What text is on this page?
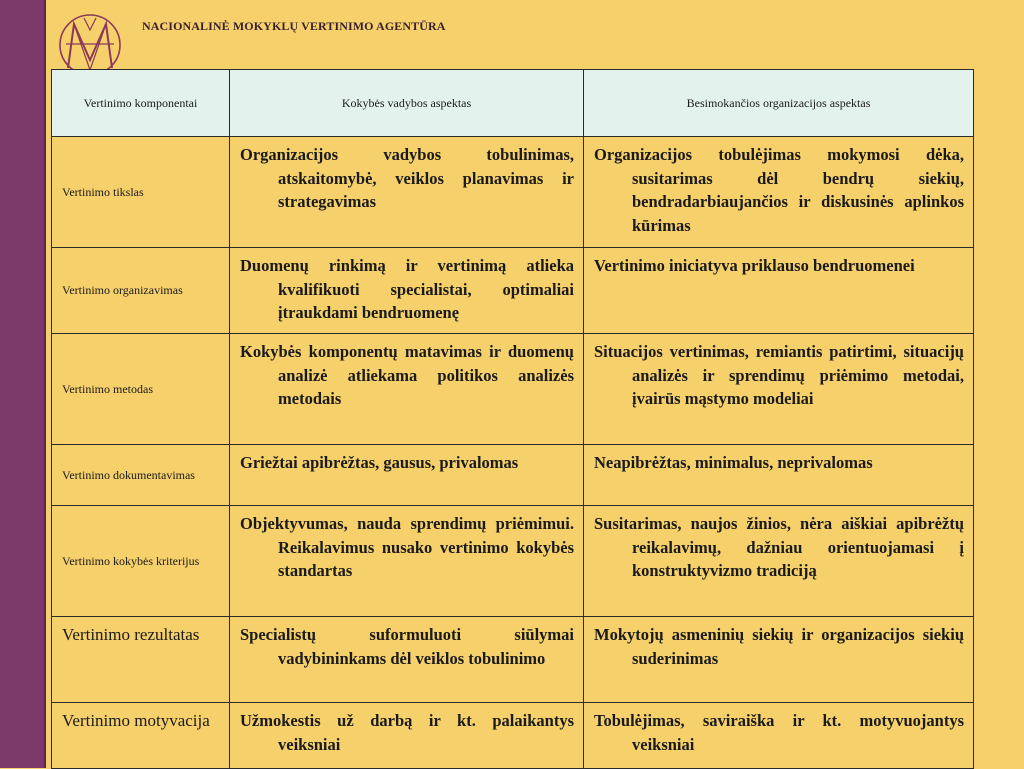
NACIONALINĖ MOKYKLŲ VERTINIMO AGENTŪRA
Vertinimo komponentai	Kokybės vadybos aspektas	Besimokančios organizacijos aspektas
Vertinimo tikslas	Organizacijos vadybos tobulinimas, atskaitomybė, veiklos planavimas ir strategavimas	Organizacijos tobulėjimas mokymosi dėka, susitarimas dėl bendrų siekių, bendradarbiaujančios ir diskusinės aplinkos kūrimas

Vertinimo organizavimas	Duomenų rinkimą ir vertinimą atlieka kvalifikuoti specialistai, optimaliai įtraukdami bendruomenę	Vertinimo iniciatyva priklauso bendruomenei

Vertinimo metodas	Kokybės komponentų matavimas ir duomenų analizė atliekama politikos analizės metodais	Situacijos vertinimas, remiantis patirtimi, situacijų analizės ir sprendimų priėmimo metodai, įvairūs mąstymo modeliai

Vertinimo dokumentavimas	Griežtai apibrėžtas, gausus, privalomas	Neapibrėžtas, minimalus, neprivalomas

Vertinimo kokybės kriterijus	Objektyvumas, nauda sprendimų priėmimui. Reikalavimus nusako vertinimo kokybės standartas	Susitarimas, naujos žinios, nėra aiškiai apibrėžtų reikalavimų, dažniau orientuojamasi į konstruktyvizmo tradiciją

Vertinimo rezultatas	Specialistų suformuluoti siūlymai vadybininkams dėl veiklos tobulinimo	Mokytojų asmeninių siekių ir organizacijos siekių suderinimas

Vertinimo motyvacija	Užmokestis už darbą ir kt. palaikantys veiksniai	Tobulėjimas, saviraiška ir kt. motyvuojantys veiksniai
